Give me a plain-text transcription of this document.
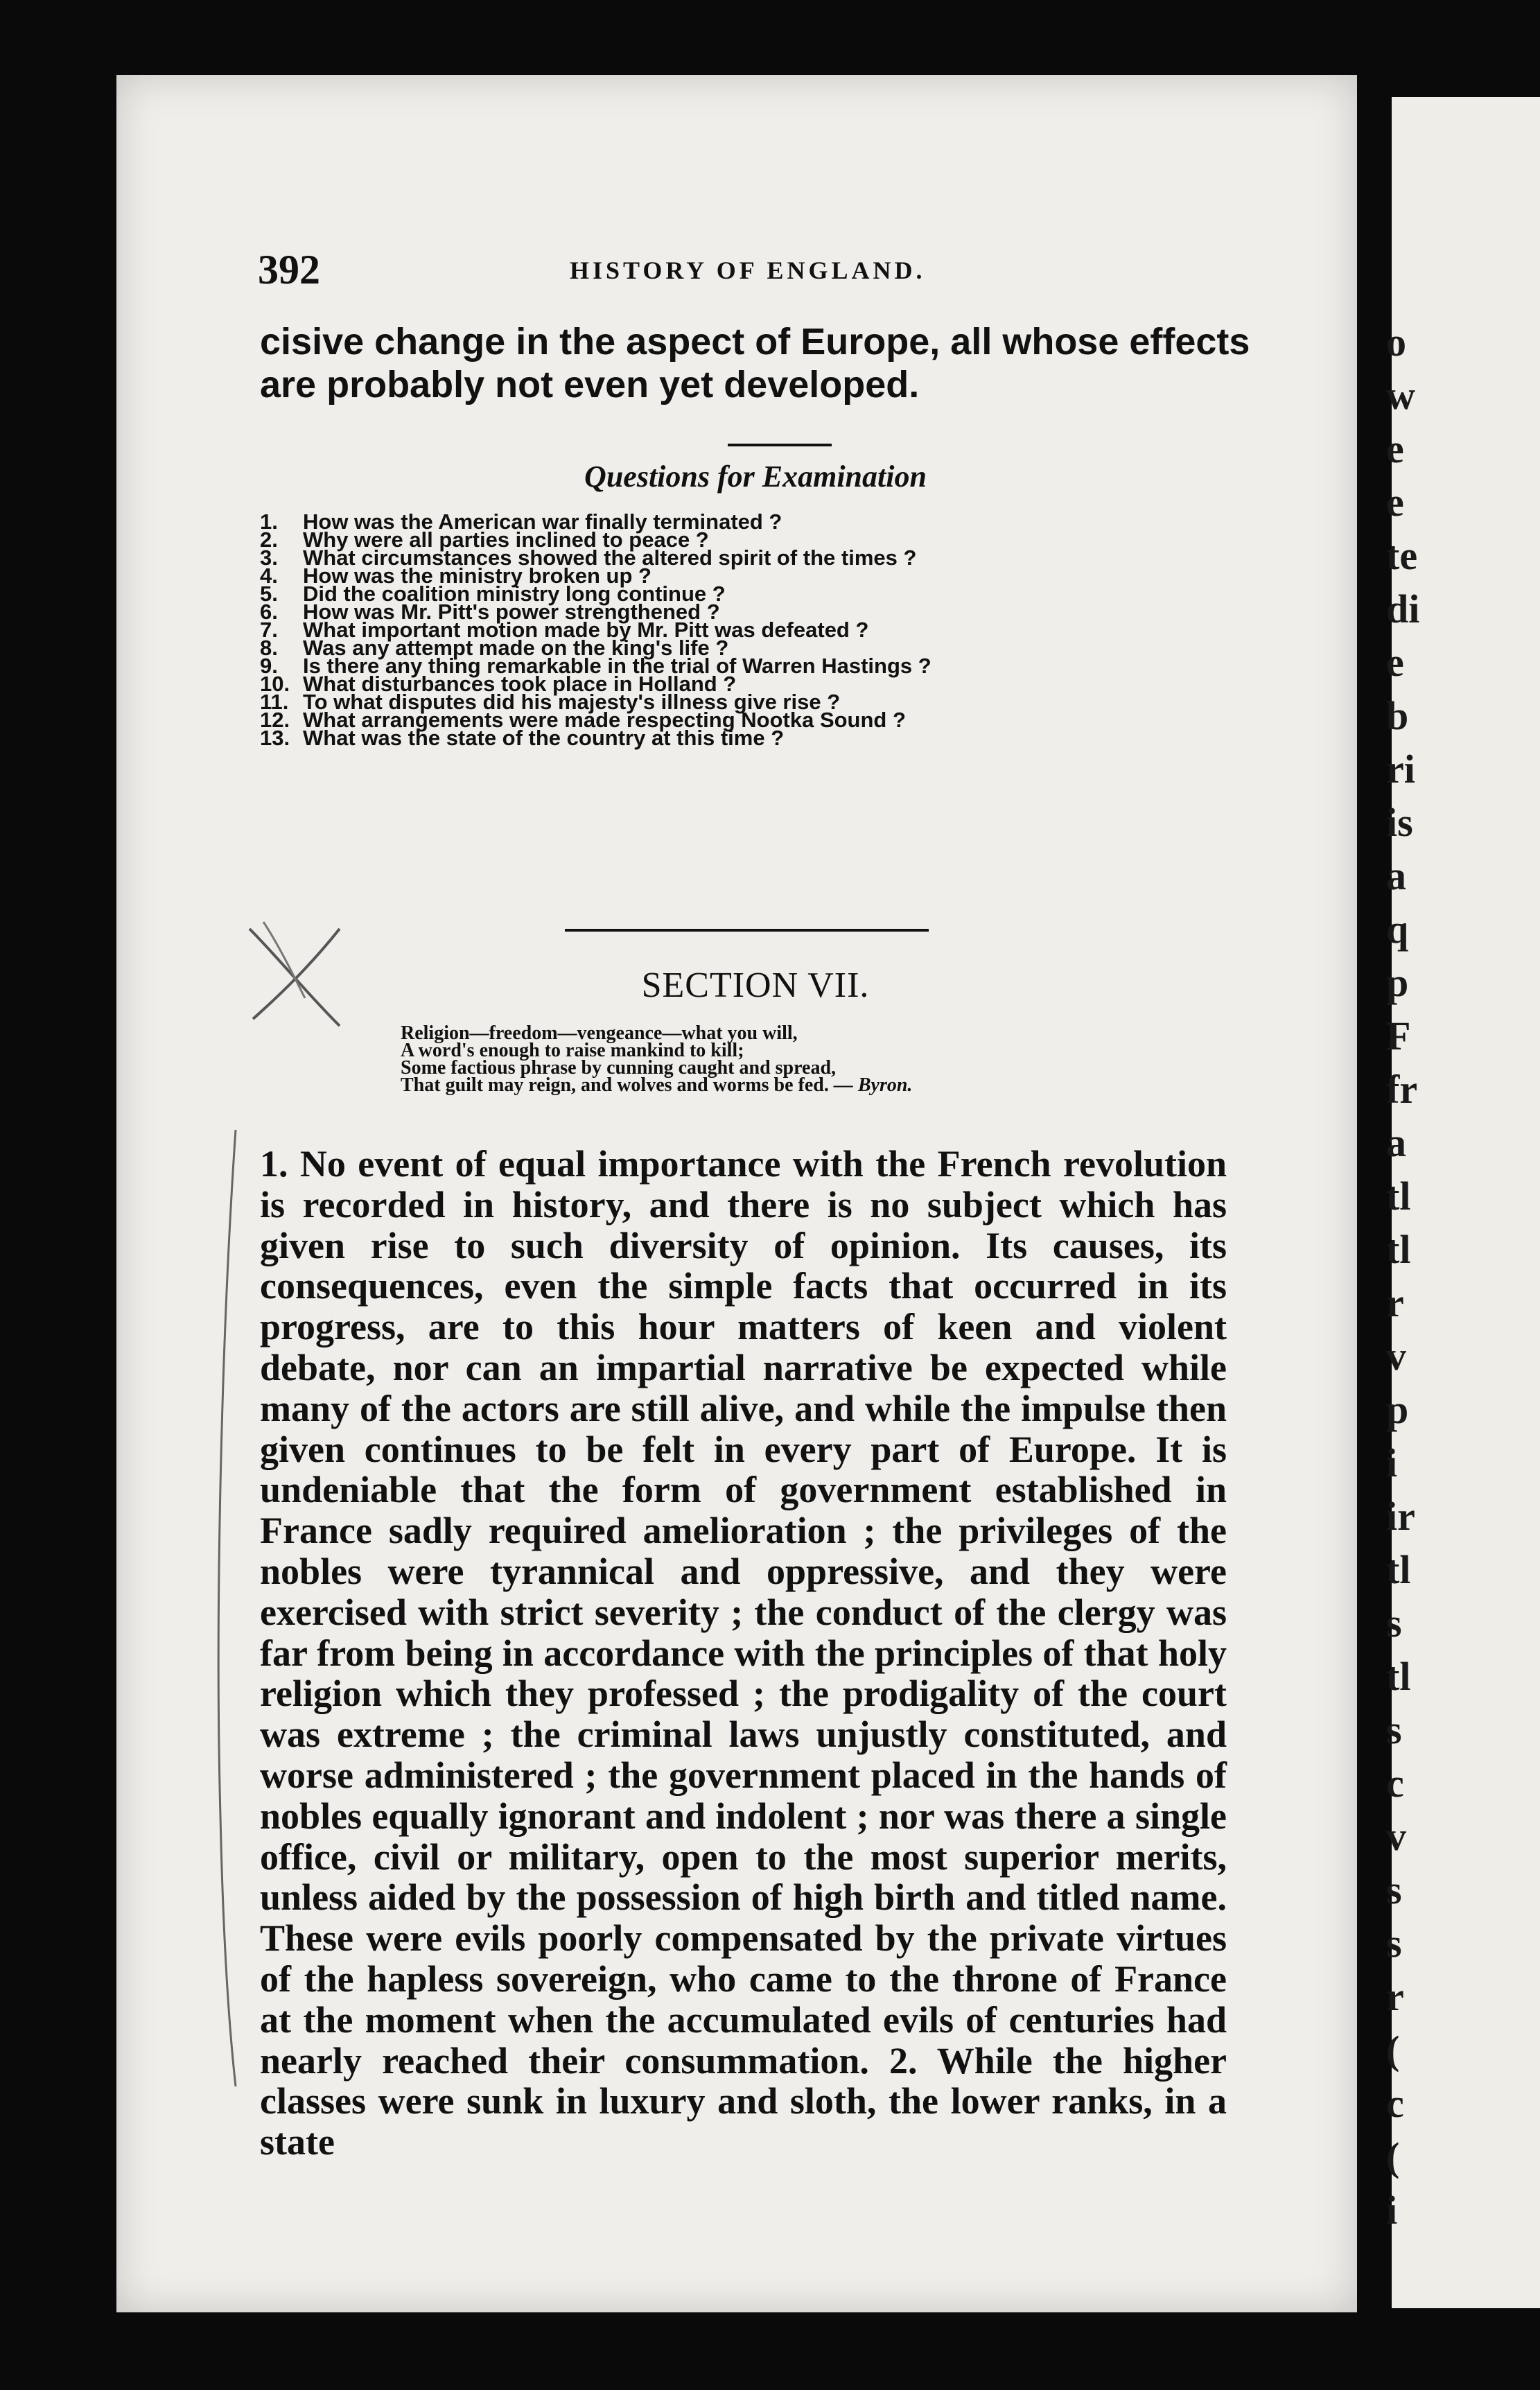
o
w
e
e
te
di
e
b
ri
is
a
q
p
F
fr
a
tl
tl
r
v
p
i
ir
tl
s
tl
s
c
v
s
s
r
(
c
(
i
392	HISTORY OF ENGLAND.
cisive change in the aspect of Europe, all whose effects are probably not even yet developed.
Questions for Examination
1. How was the American war finally terminated ?
2. Why were all parties inclined to peace ?
3. What circumstances showed the altered spirit of the times ?
4. How was the ministry broken up ?
5. Did the coalition ministry long continue ?
6. How was Mr. Pitt's power strengthened ?
7. What important motion made by Mr. Pitt was defeated ?
8. Was any attempt made on the king's life ?
9. Is there any thing remarkable in the trial of Warren Hastings ?
10. What disturbances took place in Holland ?
11. To what disputes did his majesty's illness give rise ?
12. What arrangements were made respecting Nootka Sound ?
13. What was the state of the country at this time ?
SECTION VII.
Religion—freedom—vengeance—what you will,
A word's enough to raise mankind to kill;
Some factious phrase by cunning caught and spread,
That guilt may reign, and wolves and worms be fed. — Byron.
1. No event of equal importance with the French revolution is recorded in history, and there is no subject which has given rise to such diversity of opinion. Its causes, its consequences, even the simple facts that occurred in its progress, are to this hour matters of keen and violent debate, nor can an impartial narrative be expected while many of the actors are still alive, and while the impulse then given continues to be felt in every part of Europe. It is undeniable that the form of government established in France sadly required amelioration ; the privileges of the nobles were tyrannical and oppressive, and they were exercised with strict severity ; the conduct of the clergy was far from being in accordance with the principles of that holy religion which they professed ; the prodigality of the court was extreme ; the criminal laws unjustly constituted, and worse administered ; the government placed in the hands of nobles equally ignorant and indolent ; nor was there a single office, civil or military, open to the most superior merits, unless aided by the possession of high birth and titled name. These were evils poorly compensated by the private virtues of the hapless sovereign, who came to the throne of France at the moment when the accumulated evils of centuries had nearly reached their consummation. 2. While the higher classes were sunk in luxury and sloth, the lower ranks, in a state
